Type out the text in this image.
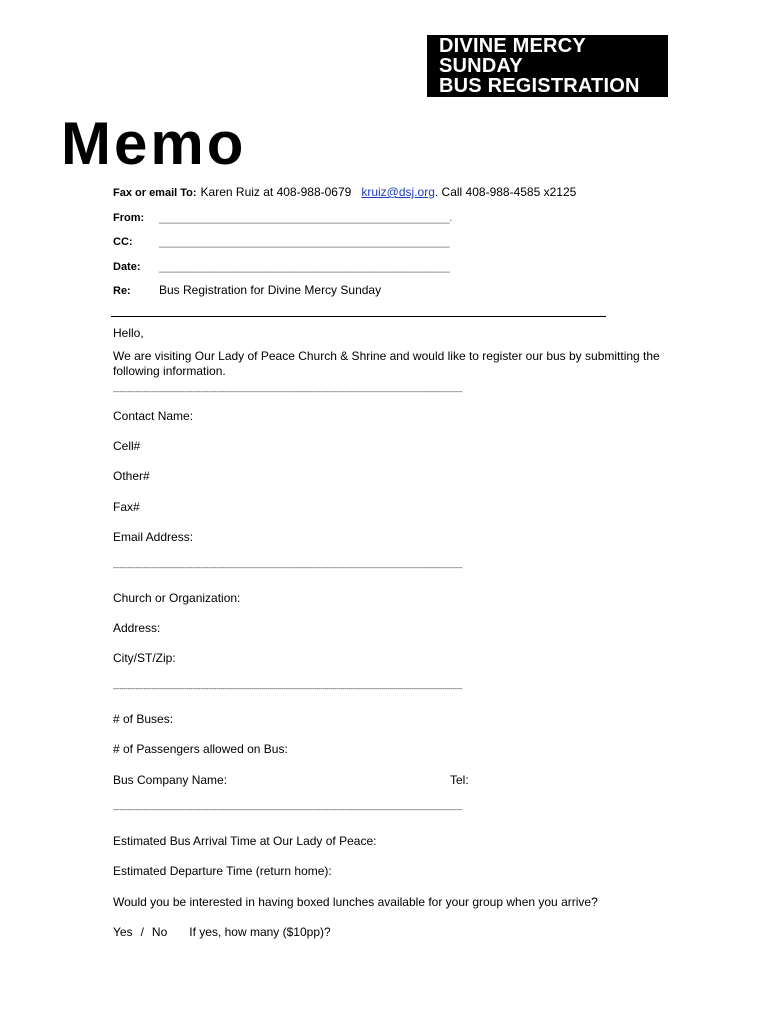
DIVINE MERCY
SUNDAY
BUS REGISTRATION
Memo
Fax or email To: Karen Ruiz at 408-988-0679 kruiz@dsj.org. Call 408-988-4585 x2125
From: _______________________________________________.
CC: _______________________________________________
Date: _______________________________________________
Re: Bus Registration for Divine Mercy Sunday
Hello,
We are visiting Our Lady of Peace Church & Shrine and would like to register our bus by submitting the following information.
----------------------------------------------------------------------------------------------------------------------------------------------------------------------------
Contact Name:
Cell#
Other#
Fax#
Email Address:
----------------------------------------------------------------------------------------------------------------------------------------------------------------------------
Church or Organization:
Address:
City/ST/Zip:
----------------------------------------------------------------------------------------------------------------------------------------------------------------------------
# of Buses:
# of Passengers allowed on Bus:
Bus Company Name:	Tel:
----------------------------------------------------------------------------------------------------------------------------------------------------------------------------
Estimated Bus Arrival Time at Our Lady of Peace:
Estimated Departure Time (return home):
Would you be interested in having boxed lunches available for your group when you arrive?
Yes / No If yes, how many ($10pp)?
